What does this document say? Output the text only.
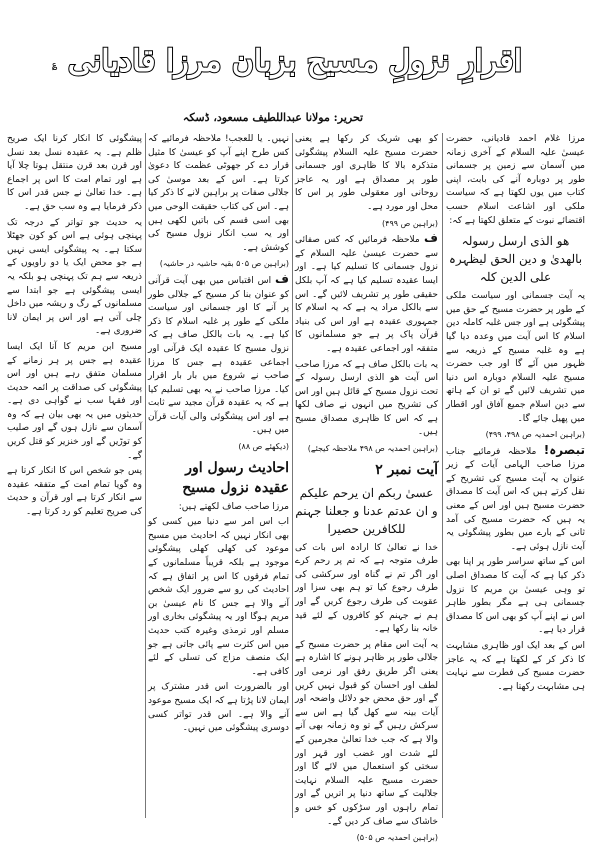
اقرارِ نزولِ مسیح بزبان مرزا قادیانی
؏
تحریر: مولانا عبداللطیف مسعود، ڈسکہ

مرزا غلام احمد قادیانی، حضرت عیسیٰ علیہ السلام کے آخری زمانہ میں آسمان سے زمین پر جسمانی طور پر دوبارہ آنے کی بابت، اپنی کتاب میں یوں لکھتا ہے کہ سیاست ملکی اور اشاعت اسلام حسب اقتضائے نبوت کے متعلق لکھتا ہے کہ:

ھو الذی ارسل رسولہ بالھدیٰ و دین الحق لیظہرہ علی الدین کلہ

یہ آیت جسمانی اور سیاست ملکی کے طور پر حضرت مسیح کے حق میں پیشگوئی ہے اور جس غلبہ کاملہ دین اسلام کا اس آیت میں وعدہ دیا گیا ہے وہ غلبہ مسیح کے ذریعہ سے ظہور میں آئے گا اور جب حضرت مسیح علیہ السلام دوبارہ اس دنیا میں تشریف لائیں گے تو ان کے ہاتھ سے دین اسلام جمیع آفاق اور اقطار میں پھیل جائے گا۔

(براہین احمدیہ ص ۴۹۸، ۴۹۹)

تبصرہ! ملاحظہ فرمائیے جناب مرزا صاحب الہامی آیات کے زیر عنوان یہ آیت مسیح کی تشریح کے نقل کرتے ہیں کہ اس آیت کا مصداق حضرت مسیح ہیں اور اس کے معنی یہ ہیں کہ حضرت مسیح کی آمد ثانی کے بارے میں بطور پیشگوئی یہ آیت نازل ہوئی ہے۔

اس کے ساتھ سراسر طور پر اپنا بھی ذکر کیا ہے کہ آیت کا مصداق اصلی تو وہی عیسیٰ بن مریم کا نزول جسمانی ہی ہے مگر بطور ظاہر اس نے اپنے آپ کو بھی اس کا مصداق قرار دیا ہے۔

اس کے بعد ایک اور ظاہری مشابہت کا ذکر کر کے لکھتا ہے کہ یہ عاجز حضرت مسیح کی فطرت سے نہایت ہی مشابہت رکھتا ہے۔

کو بھی شریک کر رکھا ہے یعنی حضرت مسیح علیہ السلام پیشگوئی متذکرہ بالا کا ظاہری اور جسمانی طور پر مصداق ہے اور یہ عاجز روحانی اور معقولی طور پر اس کا محل اور مورد ہے۔

(براہین ص ۴۹۹)

ف ملاحظہ فرمائیں کہ کس صفائی سے حضرت عیسیٰ علیہ السلام کے نزول جسمانی کا تسلیم کیا ہے۔ اور ایسا عقیدہ تسلیم کیا ہے کہ آپ بلکل حقیقی طور پر تشریف لائیں گے۔ اس سے بالکل مراد یہ ہے کہ یہ اسلام کا جمہوری عقیدہ ہے اور اس کی بنیاد قرآن پاک پر ہے جو مسلمانوں کا متفقہ اور اجماعی عقیدہ ہے۔

یہ بات بالکل صاف ہے کہ مرزا صاحب اس آیت ھو الذی ارسل رسولہ کے تحت نزول مسیح کے قائل ہیں اور اس کی تشریح میں انہوں نے صاف لکھا ہے کہ اس کا ظاہری مصداق مسیح ہیں۔

(براہین احمدیہ ص ۴۹۸ ملاحظہ کیجئے)

آیت نمبر ۲
عسیٰ ربکم ان یرحم علیکم و ان عدتم عدنا و جعلنا جہنم للکافرین حصیرا

خدا نے تعالیٰ کا ارادہ اس بات کی طرف متوجہ ہے کہ تم پر رحم کرے اور اگر تم نے گناہ اور سرکشی کی طرف رجوع کیا تو ہم بھی سزا اور عقوبت کی طرف رجوع کریں گے اور ہم نے جہنم کو کافروں کے لئے قید خانہ بنا رکھا ہے۔

یہ آیت اس مقام پر حضرت مسیح کے جلالی طور پر ظاہر ہونے کا اشارہ ہے یعنی اگر طریق رفق اور نرمی اور لطف اور احسان کو قبول نہیں کریں گے اور حق محض جو دلائل واضحہ اور آیات بینہ سے کھل گیا ہے اس سے سرکش رہیں گے تو وہ زمانہ بھی آنے والا ہے کہ جب خدا تعالیٰ مجرمین کے لئے شدت اور غضب اور قہر اور سختی کو استعمال میں لائے گا اور حضرت مسیح علیہ السلام نہایت جلالیت کے ساتھ دنیا پر اتریں گے اور تمام راہوں اور سڑکوں کو خس و خاشاک سے صاف کر دیں گے۔

(براہین احمدیہ ص ۵۰۵)

نہیں۔ یا للعجب! ملاحظہ فرمائیے کہ کس طرح اپنے آپ کو عیسیٰ کا مثیل قرار دے کر جھوٹی عظمت کا دعویٰ کرتا ہے۔ اس کے بعد موسیٰ کی جلالی صفات پر براہین لانے کا ذکر کیا ہے۔ اس کی کتاب حقیقت الوحی میں بھی اسی قسم کی باتیں لکھی ہیں اور یہ سب انکار نزول مسیح کی کوشش ہے۔

(براہین ص ۵۰۵ بقیہ حاشیہ در حاشیہ)

ف اس اقتباس میں بھی آیت قرآنی کو عنوان بنا کر مسیح کے جلالی طور پر آنے کا اور جسمانی اور سیاست ملکی کے طور پر غلبہ اسلام کا ذکر کیا ہے۔ یہ بات بالکل صاف ہے کہ نزول مسیح کا عقیدہ ایک قرآنی اور اجماعی عقیدہ ہے جس کا مرزا صاحب نے شروع میں بار بار اقرار کیا۔ مرزا صاحب نے یہ بھی تسلیم کیا ہے کہ یہ عقیدہ قرآن مجید سے ثابت ہے اور اس پیشگوئی والی آیات قرآن میں ہیں۔

(دیکھئے ص ۸۸)

احادیث رسول اور عقیدہ نزول مسیح

مرزا صاحب صاف لکھتے ہیں:

اب اس امر سے دنیا میں کسی کو بھی انکار نہیں کہ احادیث میں مسیح موعود کی کھلی کھلی پیشگوئی موجود ہے بلکہ قریباً مسلمانوں کے تمام فرقوں کا اس پر اتفاق ہے کہ احادیث کی رو سے ضرور ایک شخص آنے والا ہے جس کا نام عیسیٰ بن مریم ہوگا اور یہ پیشگوئی بخاری اور مسلم اور ترمذی وغیرہ کتب حدیث میں اس کثرت سے پائی جاتی ہے جو ایک منصف مزاج کی تسلی کے لئے کافی ہے۔

اور بالضرورت اس قدر مشترک پر ایمان لانا پڑتا ہے کہ ایک مسیح موعود آنے والا ہے۔ اس قدر تواتر کسی دوسری پیشگوئی میں نہیں۔

پیشگوئی کا انکار کرنا ایک صریح ظلم ہے۔ یہ عقیدہ نسل بعد نسل اور قرن بعد قرن منتقل ہوتا چلا آیا ہے اور تمام امت کا اس پر اجماع ہے۔ خدا تعالیٰ نے جس قدر اس کا ذکر فرمایا ہے وہ سب حق ہے۔

یہ حدیث جو تواتر کے درجہ تک پہنچی ہوئی ہے اس کو کون جھٹلا سکتا ہے۔ یہ پیشگوئی ایسی نہیں ہے جو محض ایک یا دو راویوں کے ذریعہ سے ہم تک پہنچی ہو بلکہ یہ ایسی پیشگوئی ہے جو ابتدا سے مسلمانوں کے رگ و ریشہ میں داخل چلی آتی ہے اور اس پر ایمان لانا ضروری ہے۔

مسیح ابن مریم کا آنا ایک ایسا عقیدہ ہے جس پر ہر زمانے کے مسلمان متفق رہے ہیں اور اس پیشگوئی کی صداقت پر ائمہ حدیث اور فقہا سب نے گواہی دی ہے۔ حدیثوں میں یہ بھی بیان ہے کہ وہ آسمان سے نازل ہوں گے اور صلیب کو توڑیں گے اور خنزیر کو قتل کریں گے۔

پس جو شخص اس کا انکار کرتا ہے وہ گویا تمام امت کے متفقہ عقیدہ سے انکار کرتا ہے اور قرآن و حدیث کی صریح تعلیم کو رد کرتا ہے۔
